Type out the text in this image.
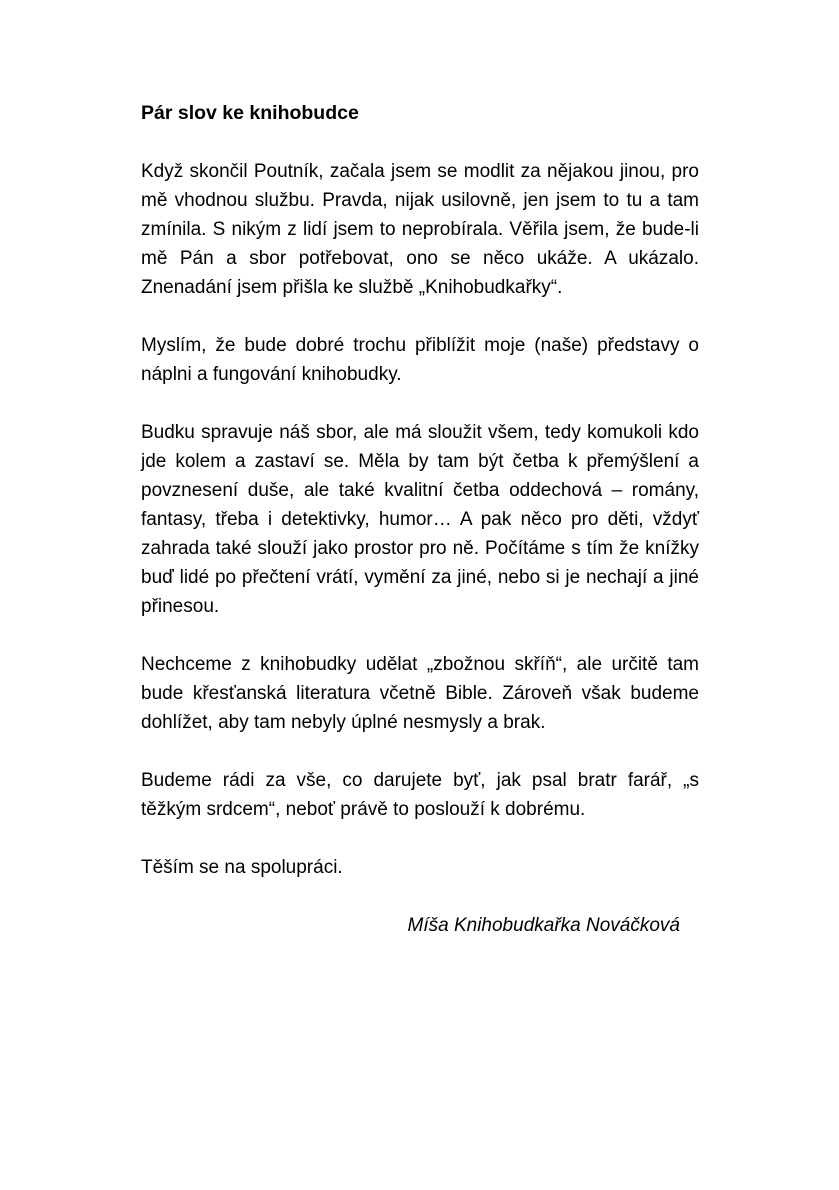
Pár slov ke knihobudce

Když skončil Poutník, začala jsem se modlit za nějakou jinou, pro mě vhodnou službu. Pravda, nijak usilovně, jen jsem to tu a tam zmínila. S nikým z lidí jsem to neprobírala. Věřila jsem, že bude-li mě Pán a sbor potřebovat, ono se něco ukáže. A ukázalo. Znenadání jsem přišla ke službě „Knihobudkařky“.

Myslím, že bude dobré trochu přiblížit moje (naše) představy o náplni a fungování knihobudky.

Budku spravuje náš sbor, ale má sloužit všem, tedy komukoli kdo jde kolem a zastaví se. Měla by tam být četba k přemýšlení a povznesení duše, ale také kvalitní četba oddechová – romány, fantasy, třeba i detektivky, humor… A pak něco pro děti, vždyť zahrada také slouží jako prostor pro ně. Počítáme s tím že knížky buď lidé po přečtení vrátí, vymění za jiné, nebo si je nechají a jiné přinesou.

Nechceme z knihobudky udělat „zbožnou skříň“, ale určitě tam bude křesťanská literatura včetně Bible. Zároveň však budeme dohlížet, aby tam nebyly úplné nesmysly a brak.

Budeme rádi za vše, co darujete byť, jak psal bratr farář, „s těžkým srdcem“, neboť právě to poslouží k dobrému.

Těším se na spolupráci.

Míša Knihobudkařka Nováčková
